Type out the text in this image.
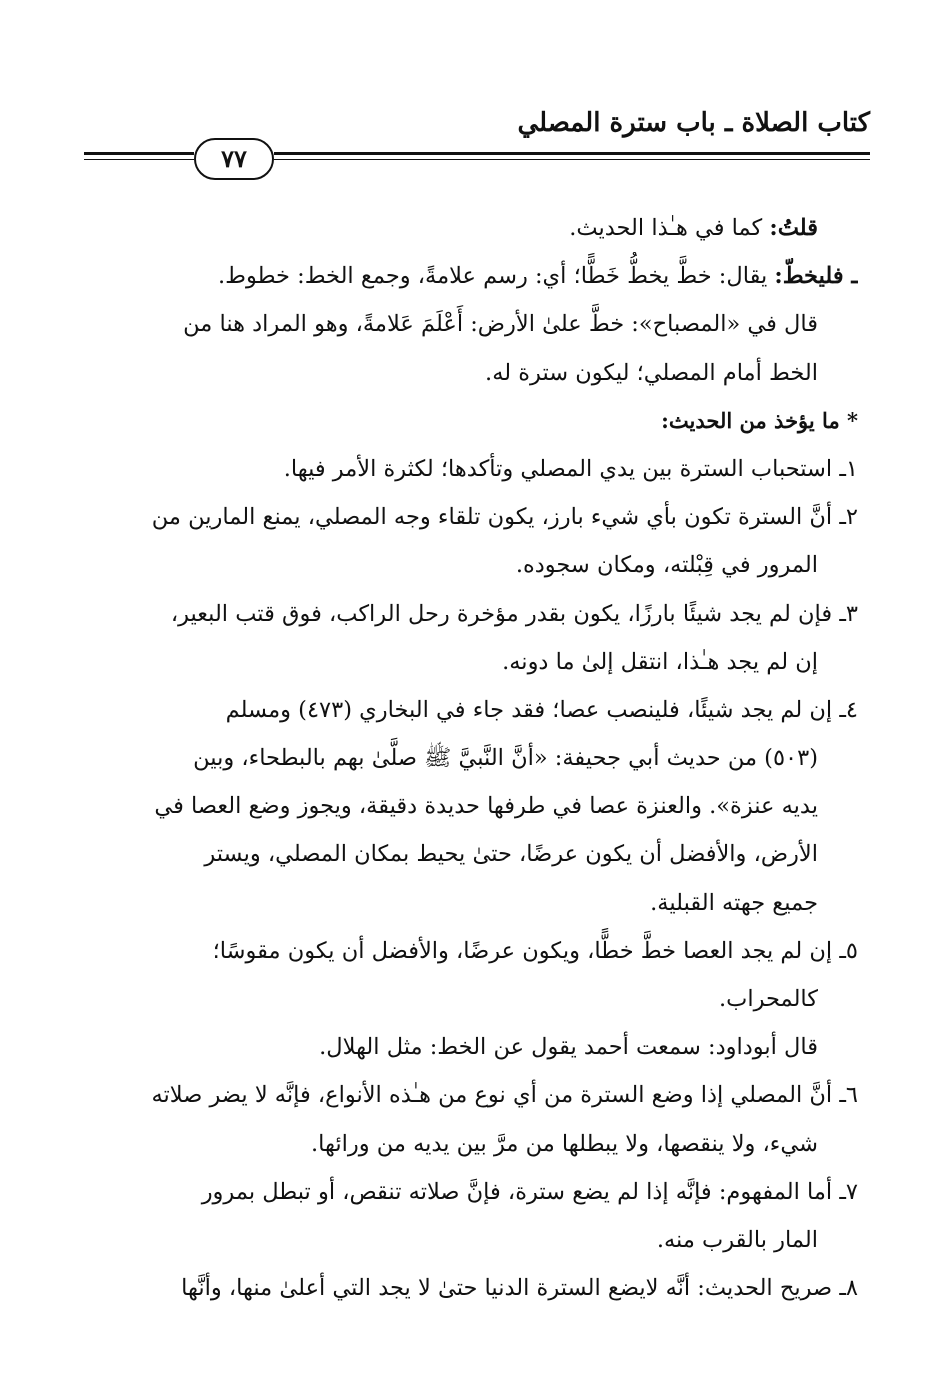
كتاب الصلاة ـ باب سترة المصلي
٧٧
قلتُ: كما في هـٰذا الحديث.
ـ فليخطّ: يقال: خطَّ يخطُّ خَطًّا؛ أي: رسم علامةً، وجمع الخط: خطوط.
قال في «المصباح»: خطَّ علىٰ الأرض: أَعْلَمَ عَلامةً، وهو المراد هنا من
الخط أمام المصلي؛ ليكون سترة له.
* ما يؤخذ من الحديث:
١ـ استحباب السترة بين يدي المصلي وتأكدها؛ لكثرة الأمر فيها.
٢ـ أنَّ السترة تكون بأي شيء بارز، يكون تلقاء وجه المصلي، يمنع المارين من
المرور في قِبْلته، ومكان سجوده.
٣ـ فإن لم يجد شيئًا بارزًا، يكون بقدر مؤخرة رحل الراكب، فوق قتب البعير،
إن لم يجد هـٰذا، انتقل إلىٰ ما دونه.
٤ـ إن لم يجد شيئًا، فلينصب عصا؛ فقد جاء في البخاري (٤٧٣) ومسلم
(٥٠٣) من حديث أبي جحيفة: «أنَّ النَّبيَّ ﷺ صلَّىٰ بهم بالبطحاء، وبين
يديه عنزة». والعنزة عصا في طرفها حديدة دقيقة، ويجوز وضع العصا في
الأرض، والأفضل أن يكون عرضًا، حتىٰ يحيط بمكان المصلي، ويستر
جميع جهته القبلية.
٥ـ إن لم يجد العصا خطَّ خطًّا، ويكون عرضًا، والأفضل أن يكون مقوسًا؛
كالمحراب.
قال أبوداود: سمعت أحمد يقول عن الخط: مثل الهلال.
٦ـ أنَّ المصلي إذا وضع السترة من أي نوع من هـٰذه الأنواع، فإنَّه لا يضر صلاته
شيء، ولا ينقصها، ولا يبطلها من مرَّ بين يديه من ورائها.
٧ـ أما المفهوم: فإنَّه إذا لم يضع سترة، فإنَّ صلاته تنقص، أو تبطل بمرور
المار بالقرب منه.
٨ـ صريح الحديث: أنَّه لايضع السترة الدنيا حتىٰ لا يجد التي أعلىٰ منها، وأنَّها
